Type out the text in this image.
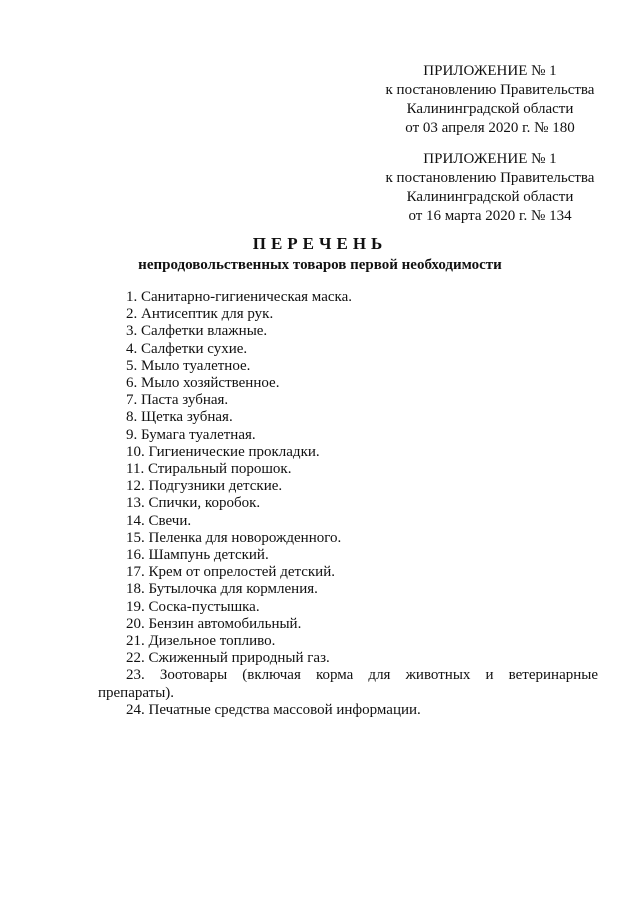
ПРИЛОЖЕНИЕ № 1
к постановлению Правительства
Калининградской области
от 03 апреля 2020 г. № 180
ПРИЛОЖЕНИЕ № 1
к постановлению Правительства
Калининградской области
от 16 марта 2020 г. № 134
ПЕРЕЧЕНЬ
непродовольственных товаров первой необходимости
1. Санитарно-гигиеническая маска.
2. Антисептик для рук.
3. Салфетки влажные.
4. Салфетки сухие.
5. Мыло туалетное.
6. Мыло хозяйственное.
7. Паста зубная.
8. Щетка зубная.
9. Бумага туалетная.
10. Гигиенические прокладки.
11. Стиральный порошок.
12. Подгузники детские.
13. Спички, коробок.
14. Свечи.
15. Пеленка для новорожденного.
16. Шампунь детский.
17. Крем от опрелостей детский.
18. Бутылочка для кормления.
19. Соска-пустышка.
20. Бензин автомобильный.
21. Дизельное топливо.
22. Сжиженный природный газ.
23. Зоотовары (включая корма для животных и ветеринарные
препараты).
24. Печатные средства массовой информации.
